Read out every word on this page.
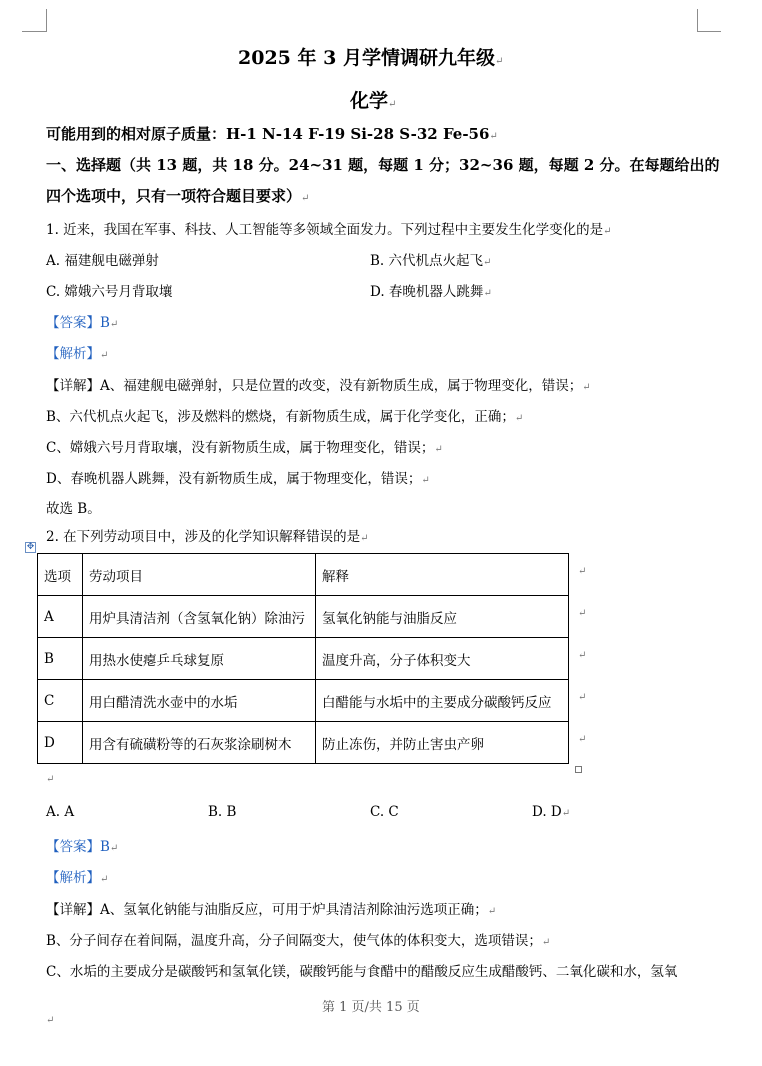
2025 年 3 月学情调研九年级↵
化学↵
可能用到的相对原子质量：H-1 N-14 F-19 Si-28 S-32 Fe-56↵
一、选择题（共 13 题，共 18 分。24~31 题，每题 1 分；32~36 题，每题 2 分。在每题给出的
四个选项中，只有一项符合题目要求）↵
1. 近来，我国在军事、科技、人工智能等多领域全面发力。下列过程中主要发生化学变化的是↵
A. 福建舰电磁弹射	B. 六代机点火起飞↵
C. 嫦娥六号月背取壤	D. 春晚机器人跳舞↵
【答案】B↵
【解析】↵
【详解】A、福建舰电磁弹射，只是位置的改变，没有新物质生成，属于物理变化，错误；↵
B、六代机点火起飞，涉及燃料的燃烧，有新物质生成，属于化学变化，正确；↵
C、嫦娥六号月背取壤，没有新物质生成，属于物理变化，错误；↵
D、春晚机器人跳舞，没有新物质生成，属于物理变化，错误；↵
故选 B。
2. 在下列劳动项目中，涉及的化学知识解释错误的是↵
✥
选项	劳动项目	解释
A	用炉具清洁剂（含氢氧化钠）除油污	氢氧化钠能与油脂反应
B	用热水使瘪乒乓球复原	温度升高，分子体积变大
C	用白醋清洗水壶中的水垢	白醋能与水垢中的主要成分碳酸钙反应
D	用含有硫磺粉等的石灰浆涂刷树木	防止冻伤，并防止害虫产卵
↵
↵
↵
↵
↵
↵
A. A	B. B	C. C	D. D↵
【答案】B↵
【解析】↵
【详解】A、氢氧化钠能与油脂反应，可用于炉具清洁剂除油污选项正确；↵
B、分子间存在着间隔，温度升高，分子间隔变大，使气体的体积变大，选项错误；↵
C、水垢的主要成分是碳酸钙和氢氧化镁，碳酸钙能与食醋中的醋酸反应生成醋酸钙、二氧化碳和水，氢氧
第 1 页/共 15 页
↵
